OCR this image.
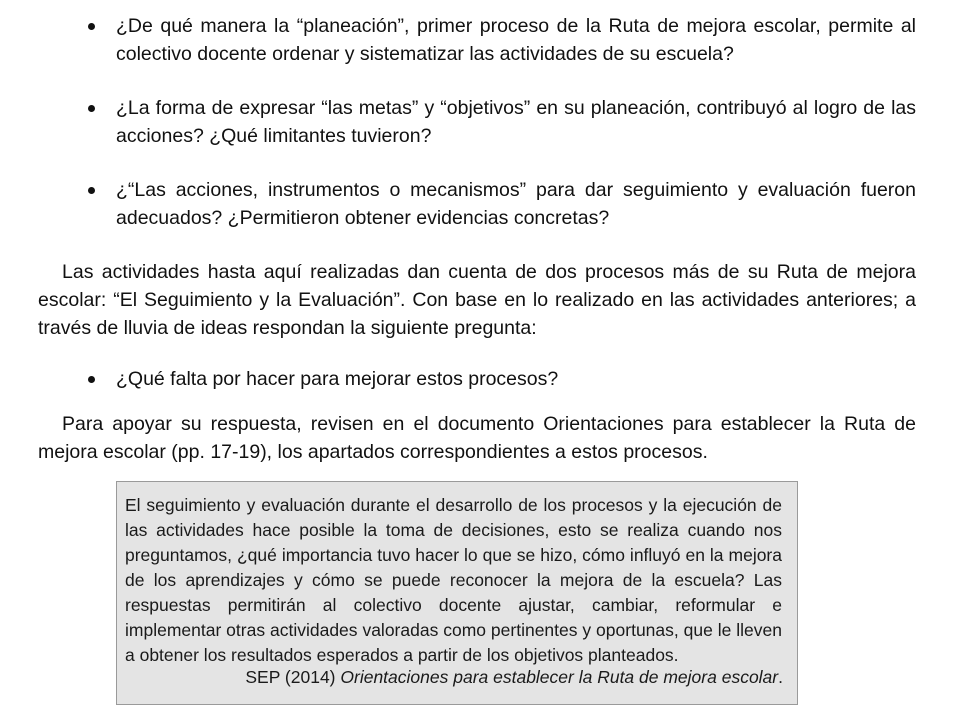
¿De qué manera la “planeación”, primer proceso de la Ruta de mejora escolar, permite al colectivo docente ordenar y sistematizar las actividades de su escuela?
¿La forma de expresar “las metas” y “objetivos” en su planeación, contribuyó al logro de las acciones? ¿Qué limitantes tuvieron?
¿“Las acciones, instrumentos o mecanismos” para dar seguimiento y evaluación fueron adecuados? ¿Permitieron obtener evidencias concretas?

Las actividades hasta aquí realizadas dan cuenta de dos procesos más de su Ruta de mejora escolar: “El Seguimiento y la Evaluación”. Con base en lo realizado en las actividades anteriores; a través de lluvia de ideas respondan la siguiente pregunta:

¿Qué falta por hacer para mejorar estos procesos?

Para apoyar su respuesta, revisen en el documento Orientaciones para establecer la Ruta de mejora escolar (pp. 17-19), los apartados correspondientes a estos procesos.

El seguimiento y evaluación durante el desarrollo de los procesos y la ejecución de las actividades hace posible la toma de decisiones, esto se realiza cuando nos preguntamos, ¿qué importancia tuvo hacer lo que se hizo, cómo influyó en la mejora de los aprendizajes y cómo se puede reconocer la mejora de la escuela? Las respuestas permitirán al colectivo docente ajustar, cambiar, reformular e implementar otras actividades valoradas como pertinentes y oportunas, que le lleven a obtener los resultados esperados a partir de los objetivos planteados.

SEP (2014) Orientaciones para establecer la Ruta de mejora escolar.
